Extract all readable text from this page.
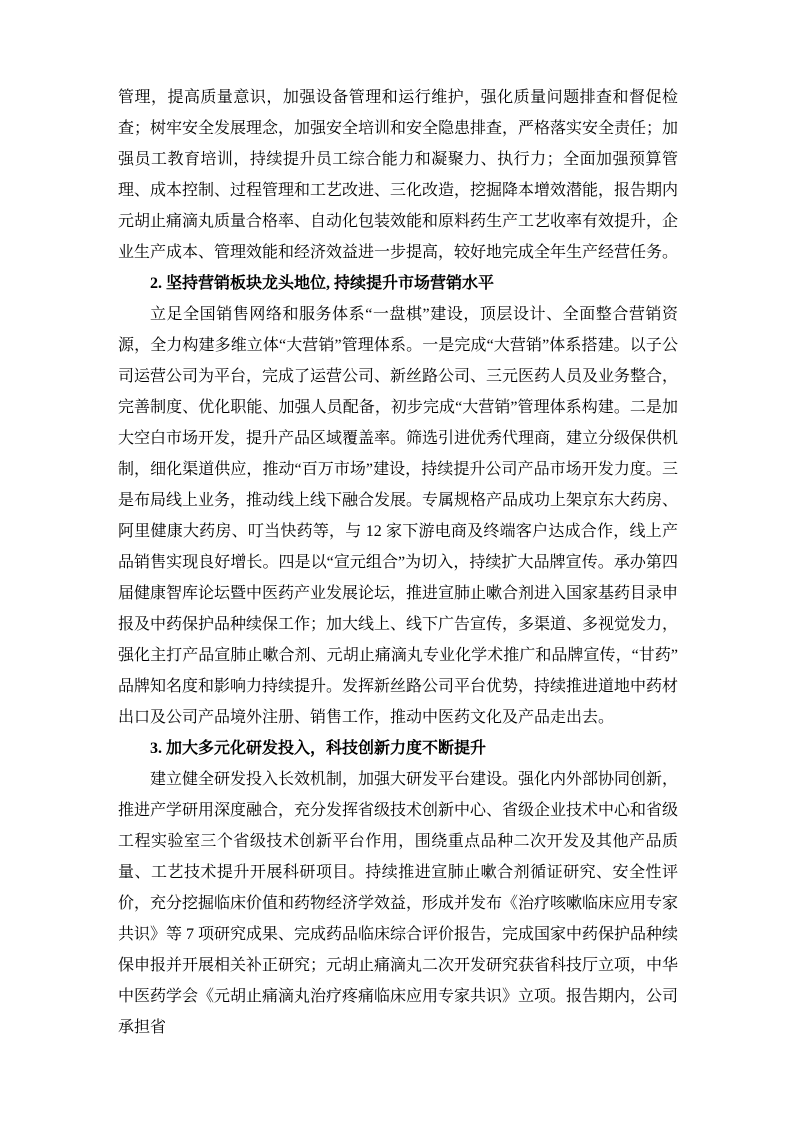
管理，提高质量意识，加强设备管理和运行维护，强化质量问题排查和督促检查；树牢安全发展理念，加强安全培训和安全隐患排查，严格落实安全责任；加强员工教育培训，持续提升员工综合能力和凝聚力、执行力；全面加强预算管理、成本控制、过程管理和工艺改进、三化改造，挖掘降本增效潜能，报告期内元胡止痛滴丸质量合格率、自动化包装效能和原料药生产工艺收率有效提升，企业生产成本、管理效能和经济效益进一步提高，较好地完成全年生产经营任务。

2. 坚持营销板块龙头地位, 持续提升市场营销水平

立足全国销售网络和服务体系“一盘棋”建设，顶层设计、全面整合营销资源，全力构建多维立体“大营销”管理体系。一是完成“大营销”体系搭建。以子公司运营公司为平台，完成了运营公司、新丝路公司、三元医药人员及业务整合，完善制度、优化职能、加强人员配备，初步完成“大营销”管理体系构建。二是加大空白市场开发，提升产品区域覆盖率。筛选引进优秀代理商，建立分级保供机制，细化渠道供应，推动“百万市场”建设，持续提升公司产品市场开发力度。三是布局线上业务，推动线上线下融合发展。专属规格产品成功上架京东大药房、阿里健康大药房、叮当快药等，与 12 家下游电商及终端客户达成合作，线上产品销售实现良好增长。四是以“宣元组合”为切入，持续扩大品牌宣传。承办第四届健康智库论坛暨中医药产业发展论坛，推进宣肺止嗽合剂进入国家基药目录申报及中药保护品种续保工作；加大线上、线下广告宣传，多渠道、多视觉发力，强化主打产品宣肺止嗽合剂、元胡止痛滴丸专业化学术推广和品牌宣传，“甘药”品牌知名度和影响力持续提升。发挥新丝路公司平台优势，持续推进道地中药材出口及公司产品境外注册、销售工作，推动中医药文化及产品走出去。

3. 加大多元化研发投入，科技创新力度不断提升

建立健全研发投入长效机制，加强大研发平台建设。强化内外部协同创新，推进产学研用深度融合，充分发挥省级技术创新中心、省级企业技术中心和省级工程实验室三个省级技术创新平台作用，围绕重点品种二次开发及其他产品质量、工艺技术提升开展科研项目。持续推进宣肺止嗽合剂循证研究、安全性评价，充分挖掘临床价值和药物经济学效益，形成并发布《治疗咳嗽临床应用专家共识》等 7 项研究成果、完成药品临床综合评价报告，完成国家中药保护品种续保申报并开展相关补正研究；元胡止痛滴丸二次开发研究获省科技厅立项，中华中医药学会《元胡止痛滴丸治疗疼痛临床应用专家共识》立项。报告期内，公司承担省
